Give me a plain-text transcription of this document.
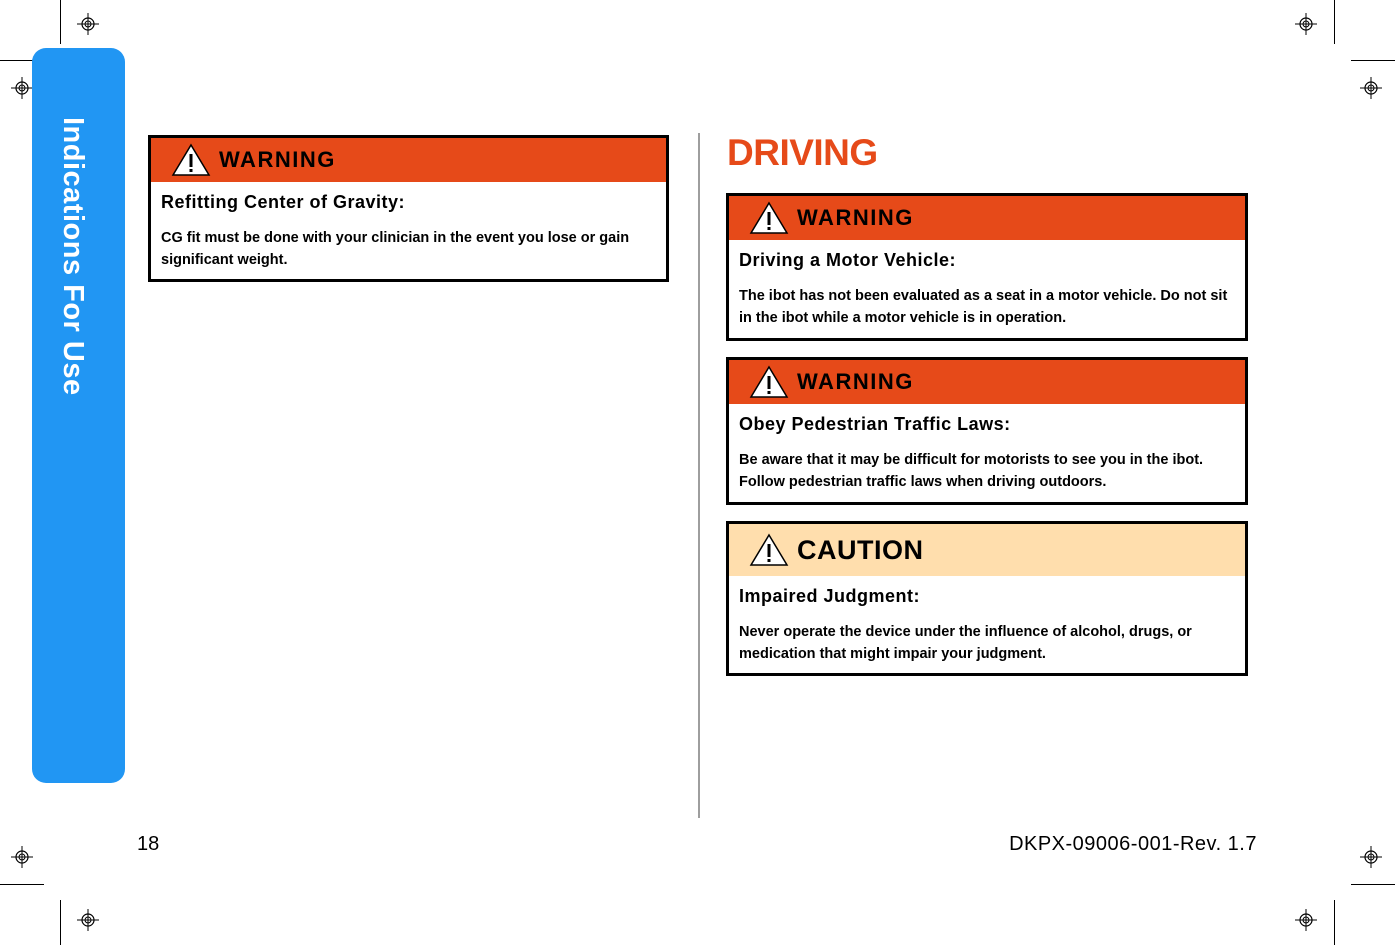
Indications For Use	WARNING
Refitting Center of Gravity:
CG fit must be done with your clinician in the event you lose or gain significant weight.
DRIVING
WARNING
Driving a Motor Vehicle:
The ibot has not been evaluated as a seat in a motor vehicle. Do not sit in the ibot while a motor vehicle is in operation.
WARNING
Obey Pedestrian Traffic Laws:
Be aware that it may be difficult for motorists to see you in the ibot. Follow pedestrian traffic laws when driving outdoors.
CAUTION
Impaired Judgment:
Never operate the device under the influence of alcohol, drugs, or medication that might impair your judgment.
18	DKPX-09006-001-Rev. 1.7
